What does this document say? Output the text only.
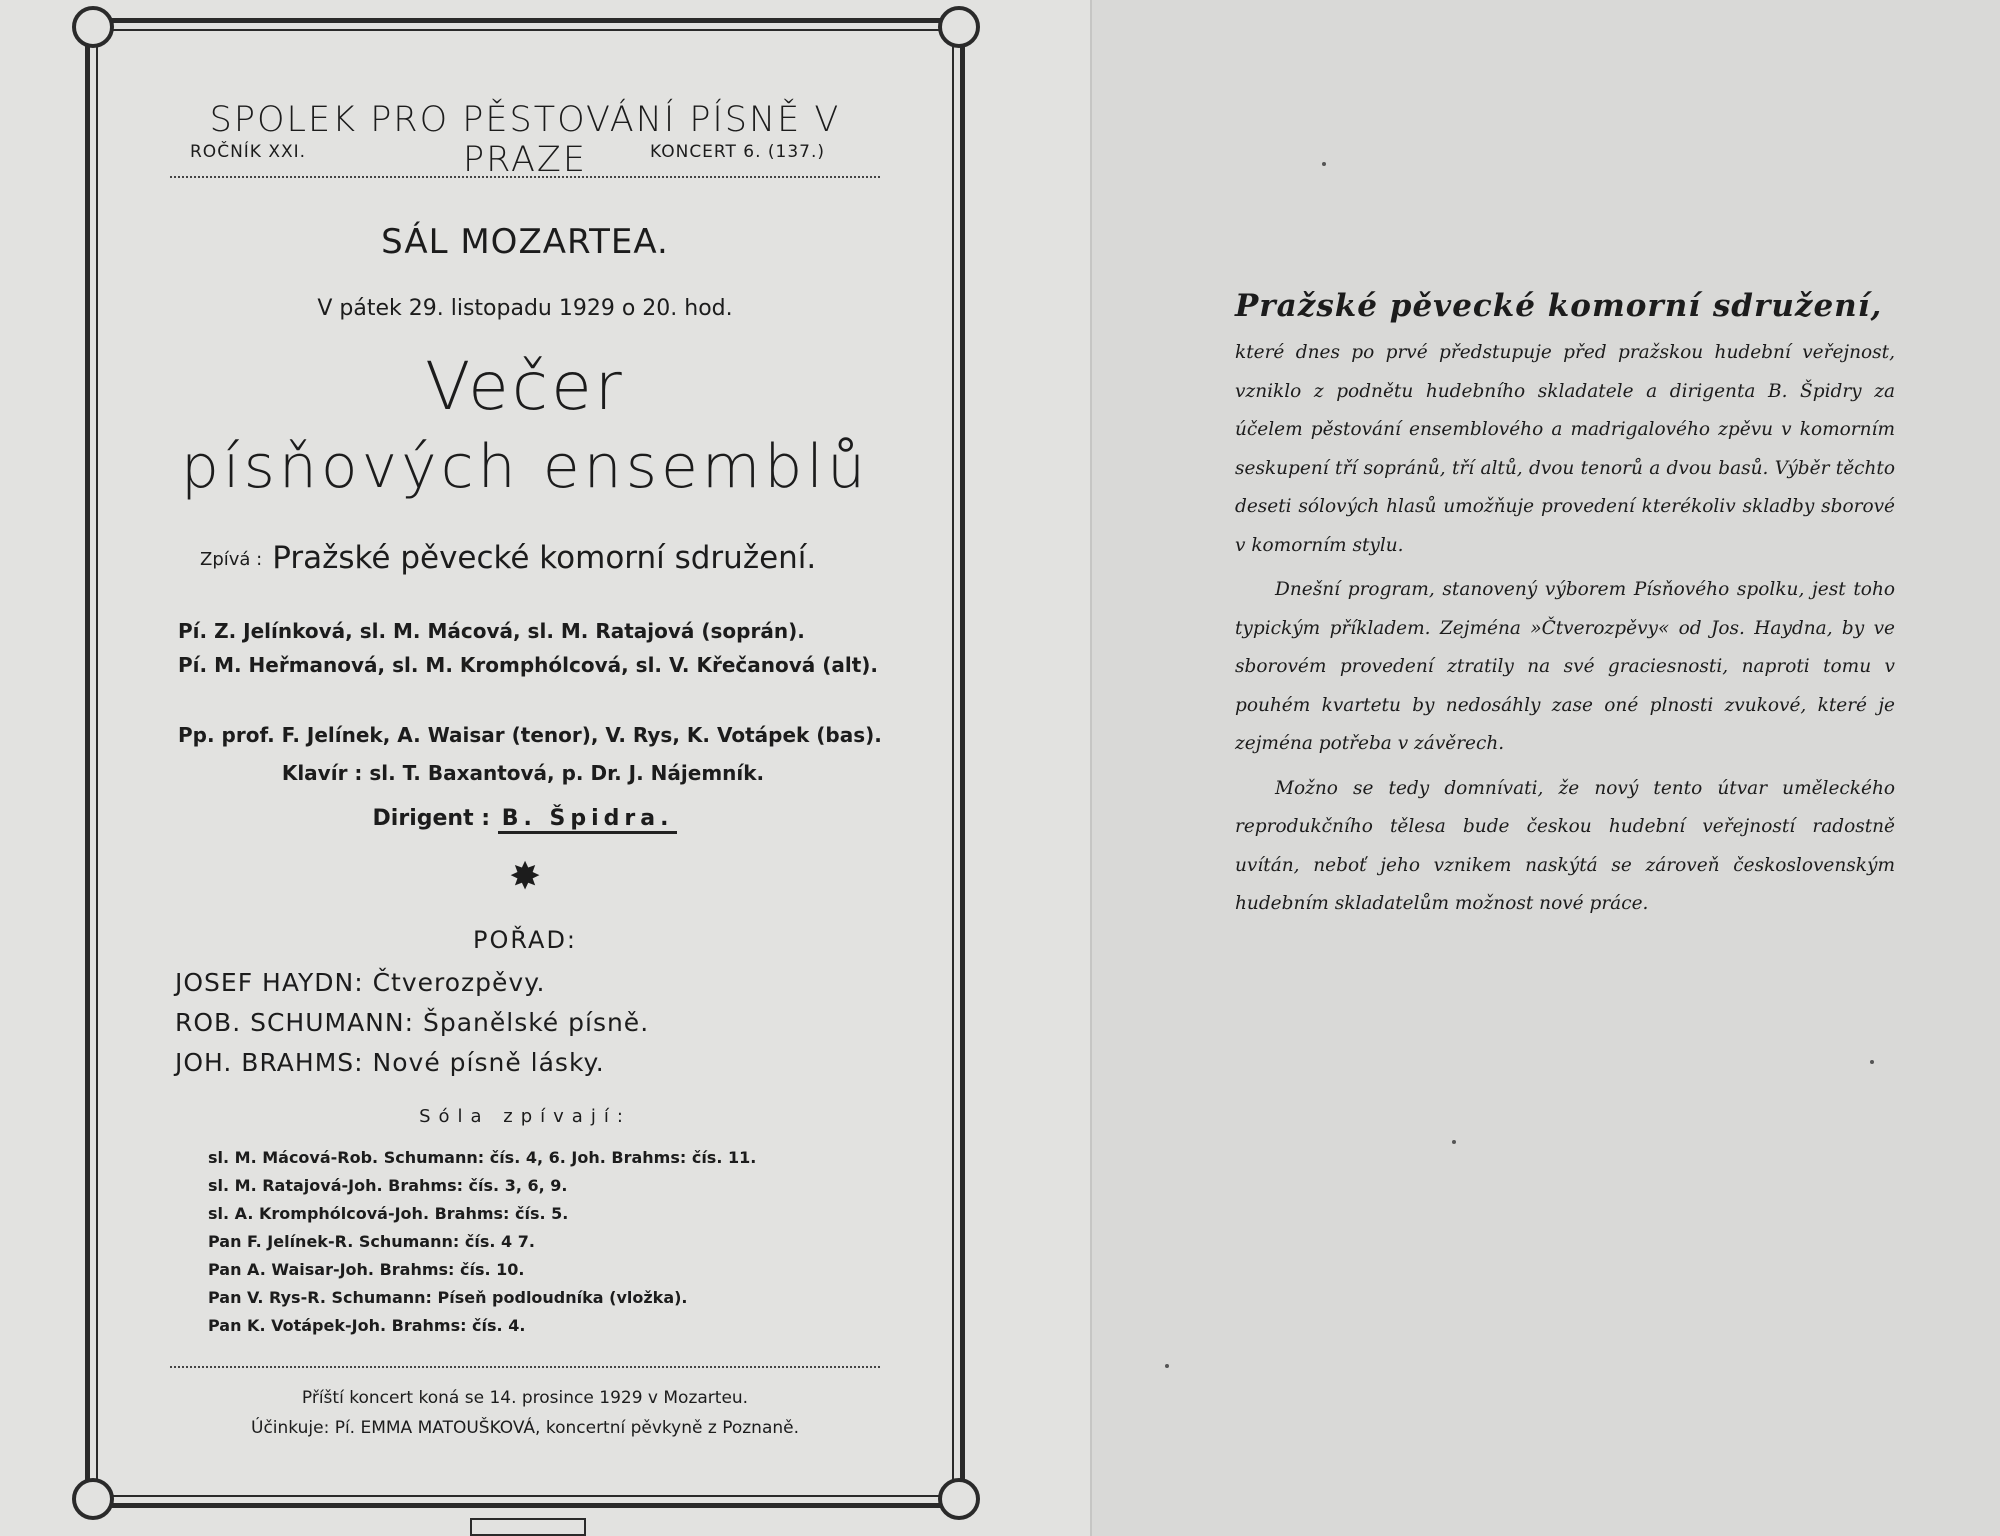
SPOLEK PRO PĚSTOVÁNÍ PÍSNĚ V PRAZE
ROČNÍK XXI.	KONCERT 6. (137.)
SÁL MOZARTEA.
V pátek 29. listopadu 1929 o 20. hod.
Večer
písňových ensemblů
Zpívá : Pražské pěvecké komorní sdružení.
Pí. Z. Jelínková, sl. M. Mácová, sl. M. Ratajová (soprán).
Pí. M. Heřmanová, sl. M. Kromphólcová, sl. V. Křečanová (alt).
Pp. prof. F. Jelínek, A. Waisar (tenor), V. Rys, K. Votápek (bas).
Klavír : sl. T. Baxantová, p. Dr. J. Nájemník.
Dirigent : B. Špidra.
✸
POŘAD:
JOSEF HAYDN: Čtverozpěvy.
ROB. SCHUMANN: Španělské písně.
JOH. BRAHMS: Nové písně lásky.
Sóla zpívají:
sl. M. Mácová-Rob. Schumann: čís. 4, 6. Joh. Brahms: čís. 11.
sl. M. Ratajová-Joh. Brahms: čís. 3, 6, 9.
sl. A. Kromphólcová-Joh. Brahms: čís. 5.
Pan F. Jelínek-R. Schumann: čís. 4 7.
Pan A. Waisar-Joh. Brahms: čís. 10.
Pan V. Rys-R. Schumann: Píseň podloudníka (vložka).
Pan K. Votápek-Joh. Brahms: čís. 4.
Příští koncert koná se 14. prosince 1929 v Mozarteu.
Účinkuje: Pí. EMMA MATOUŠKOVÁ, koncertní pěvkyně z Poznaně.
Pražské pěvecké komorní sdružení,

které dnes po prvé předstupuje před pražskou hudební veřejnost, vzniklo z podnětu hudebního skladatele a dirigenta B. Špidry za účelem pěstování ensemblového a madrigalového zpěvu v komorním seskupení tří sopránů, tří altů, dvou tenorů a dvou basů. Výběr těchto deseti sólových hlasů umožňuje provedení kterékoliv skladby sborové v komorním stylu.

Dnešní program, stanovený výborem Písňového spolku, jest toho typickým příkladem. Zejména »Čtverozpěvy« od Jos. Haydna, by ve sborovém provedení ztratily na své graciesnosti, naproti tomu v pouhém kvartetu by nedosáhly zase oné plnosti zvukové, které je zejména potřeba v závěrech.

Možno se tedy domnívati, že nový tento útvar uměleckého reprodukčního tělesa bude českou hudební veřejností radostně uvítán, neboť jeho vznikem naskýtá se zároveň československým hudebním skladatelům možnost nové práce.
